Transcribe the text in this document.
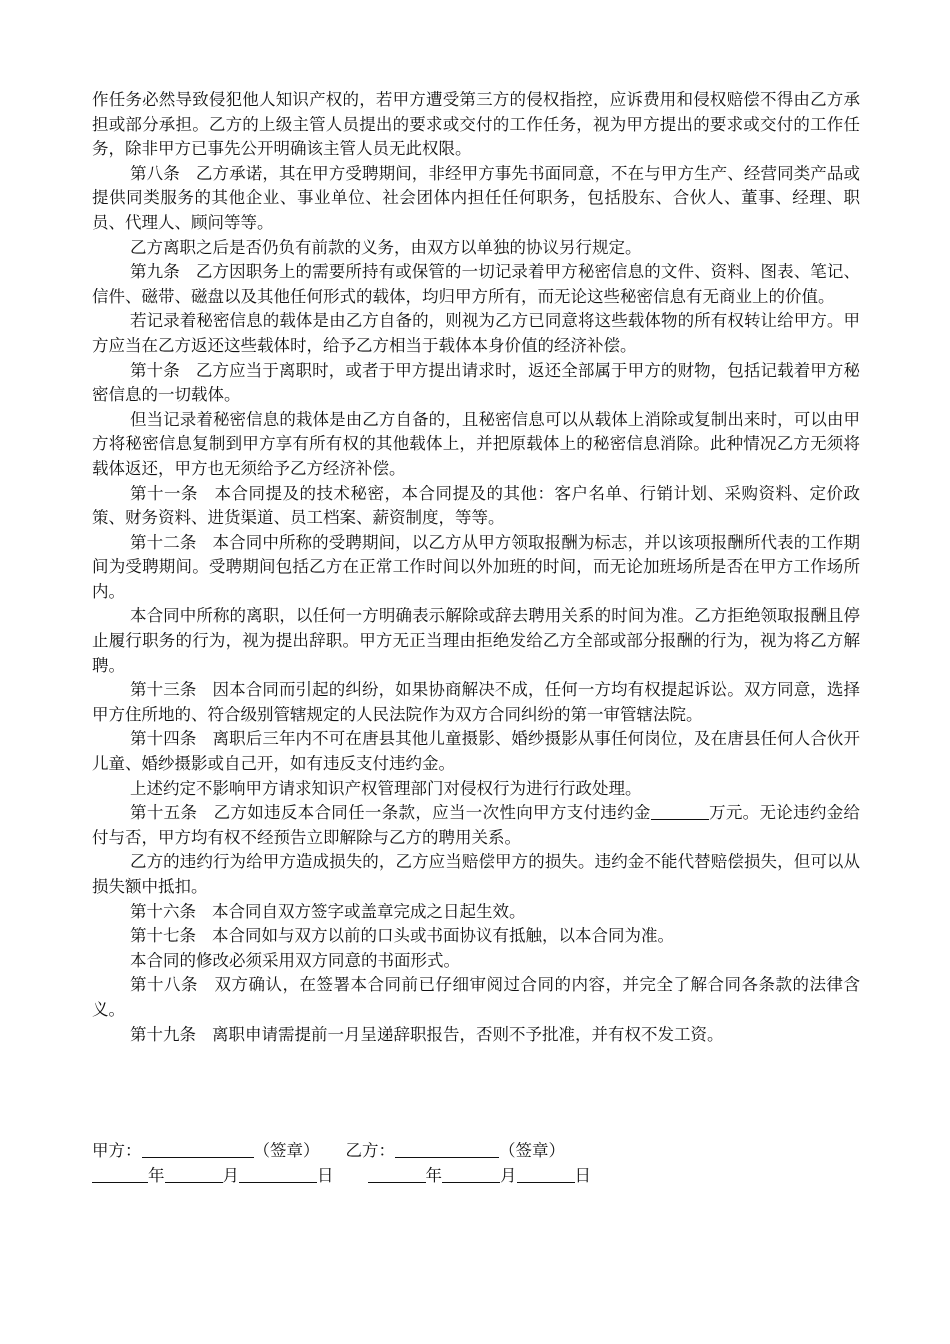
作任务必然导致侵犯他人知识产权的，若甲方遭受第三方的侵权指控，应诉费用和侵权赔偿不得由乙方承担或部分承担。乙方的上级主管人员提出的要求或交付的工作任务，视为甲方提出的要求或交付的工作任务，除非甲方已事先公开明确该主管人员无此权限。

第八条 乙方承诺，其在甲方受聘期间，非经甲方事先书面同意，不在与甲方生产、经营同类产品或提供同类服务的其他企业、事业单位、社会团体内担任任何职务，包括股东、合伙人、董事、经理、职员、代理人、顾问等等。

乙方离职之后是否仍负有前款的义务，由双方以单独的协议另行规定。

第九条 乙方因职务上的需要所持有或保管的一切记录着甲方秘密信息的文件、资料、图表、笔记、信件、磁带、磁盘以及其他任何形式的载体，均归甲方所有，而无论这些秘密信息有无商业上的价值。

若记录着秘密信息的载体是由乙方自备的，则视为乙方已同意将这些载体物的所有权转让给甲方。甲方应当在乙方返还这些载体时，给予乙方相当于载体本身价值的经济补偿。

第十条 乙方应当于离职时，或者于甲方提出请求时，返还全部属于甲方的财物，包括记载着甲方秘密信息的一切载体。

但当记录着秘密信息的栽体是由乙方自备的，且秘密信息可以从载体上消除或复制出来时，可以由甲方将秘密信息复制到甲方享有所有权的其他载体上，并把原载体上的秘密信息消除。此种情况乙方无须将载体返还，甲方也无须给予乙方经济补偿。

第十一条 本合同提及的技术秘密，本合同提及的其他：客户名单、行销计划、采购资料、定价政策、财务资料、进货渠道、员工档案、薪资制度，等等。

第十二条 本合同中所称的受聘期间，以乙方从甲方领取报酬为标志，并以该项报酬所代表的工作期间为受聘期间。受聘期间包括乙方在正常工作时间以外加班的时间，而无论加班场所是否在甲方工作场所内。

本合同中所称的离职，以任何一方明确表示解除或辞去聘用关系的时间为准。乙方拒绝领取报酬且停止履行职务的行为，视为提出辞职。甲方无正当理由拒绝发给乙方全部或部分报酬的行为，视为将乙方解聘。

第十三条 因本合同而引起的纠纷，如果协商解决不成，任何一方均有权提起诉讼。双方同意，选择甲方住所地的、符合级别管辖规定的人民法院作为双方合同纠纷的第一审管辖法院。

第十四条 离职后三年内不可在唐县其他儿童摄影、婚纱摄影从事任何岗位，及在唐县任何人合伙开儿童、婚纱摄影或自己开，如有违反支付违约金。

上述约定不影响甲方请求知识产权管理部门对侵权行为进行行政处理。

第十五条 乙方如违反本合同任一条款，应当一次性向甲方支付违约金	万元。无论违约金给付与否，甲方均有权不经预告立即解除与乙方的聘用关系。

乙方的违约行为给甲方造成损失的，乙方应当赔偿甲方的损失。违约金不能代替赔偿损失，但可以从损失额中抵扣。

第十六条 本合同自双方签字或盖章完成之日起生效。

第十七条 本合同如与双方以前的口头或书面协议有抵触，以本合同为准。

本合同的修改必须采用双方同意的书面形式。

第十八条 双方确认，在签署本合同前已仔细审阅过合同的内容，并完全了解合同各条款的法律含义。

第十九条 离职申请需提前一月呈递辞职报告，否则不予批准，并有权不发工资。

甲方：	（签章） 乙方：	（签章）
年	月	日	年	月	日
